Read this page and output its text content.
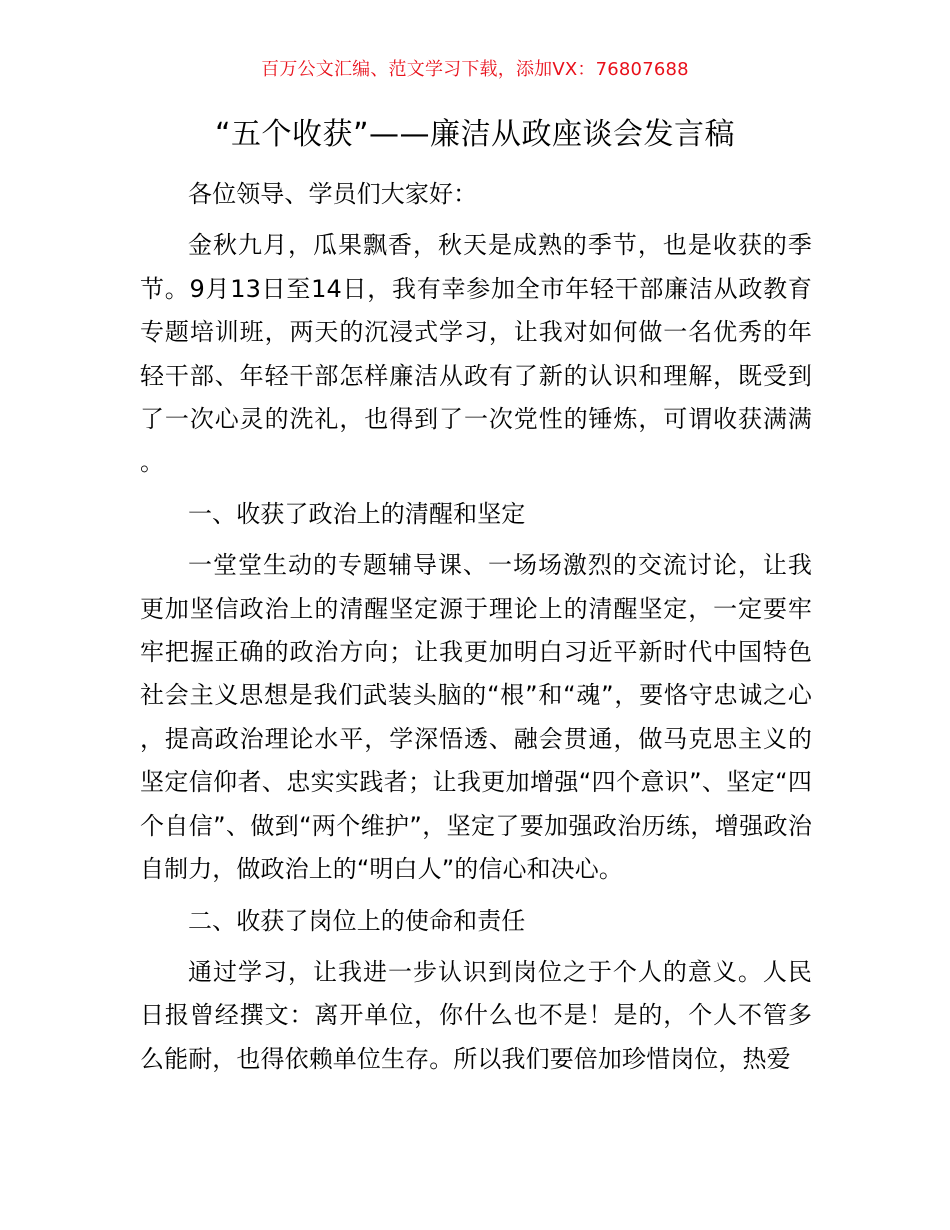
百万公文汇编、范文学习下载，添加VX：76807688
“五个收获”——廉洁从政座谈会发言稿

各位领导、学员们大家好：

金秋九月，瓜果飘香，秋天是成熟的季节，也是收获的季节。9月13日至14日，我有幸参加全市年轻干部廉洁从政教育专题培训班，两天的沉浸式学习，让我对如何做一名优秀的年轻干部、年轻干部怎样廉洁从政有了新的认识和理解，既受到了一次心灵的洗礼，也得到了一次党性的锤炼，可谓收获满满。

一、收获了政治上的清醒和坚定

一堂堂生动的专题辅导课、一场场激烈的交流讨论，让我更加坚信政治上的清醒坚定源于理论上的清醒坚定，一定要牢牢把握正确的政治方向；让我更加明白习近平新时代中国特色社会主义思想是我们武装头脑的“根”和“魂”，要恪守忠诚之心，提高政治理论水平，学深悟透、融会贯通，做马克思主义的坚定信仰者、忠实实践者；让我更加增强“四个意识”、坚定“四个自信”、做到“两个维护”，坚定了要加强政治历练，增强政治自制力，做政治上的“明白人”的信心和决心。

二、收获了岗位上的使命和责任

通过学习，让我进一步认识到岗位之于个人的意义。人民日报曾经撰文：离开单位，你什么也不是！是的，个人不管多么能耐，也得依赖单位生存。所以我们要倍加珍惜岗位，热爱
